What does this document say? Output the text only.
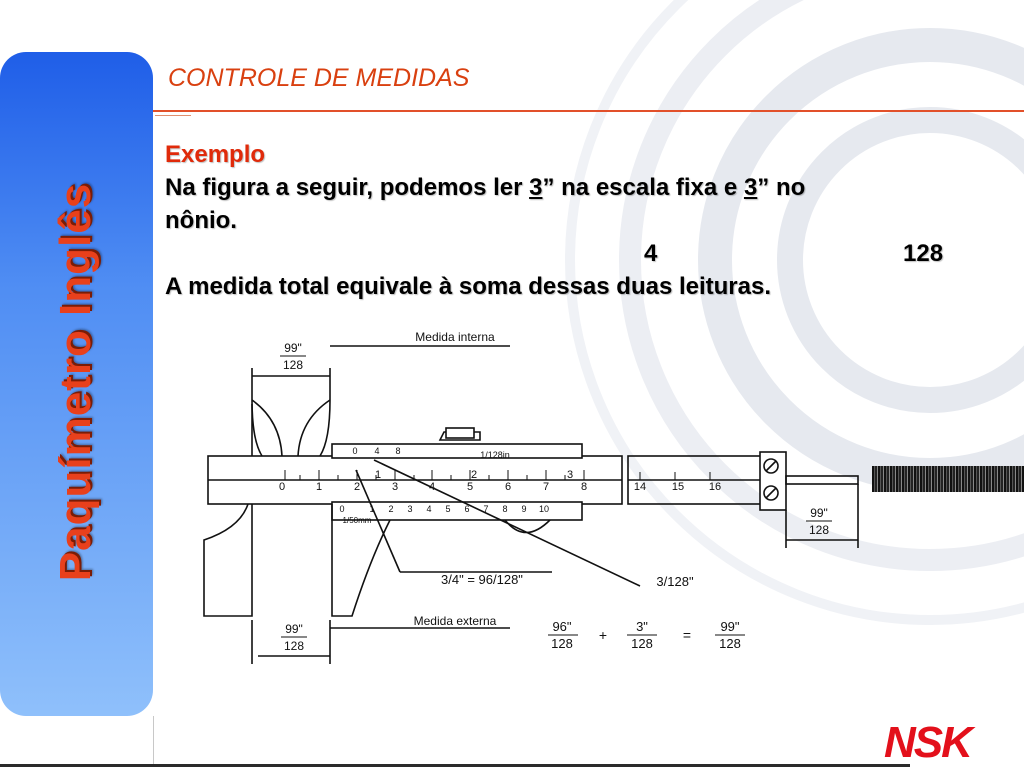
Paquímetro Inglês
CONTROLE DE MEDIDAS
Exemplo
Na figura a seguir, podemos ler 3” na escala fixa e 3” no
nônio.
4	128
A medida total equivale à soma dessas duas leituras.
Medida interna
Medida externa
99"
128
99"
128
99"
128
0 4 8	1/128in
1	2	3
0	1	2	3	4	5	6	7	8	14 15 16
0	1 2 3 4 5 6 7 8 9 10
1/50mm
3/4" = 96/128"	3/128"
96"
128
+
3"
128
=
99"
128
NSK
